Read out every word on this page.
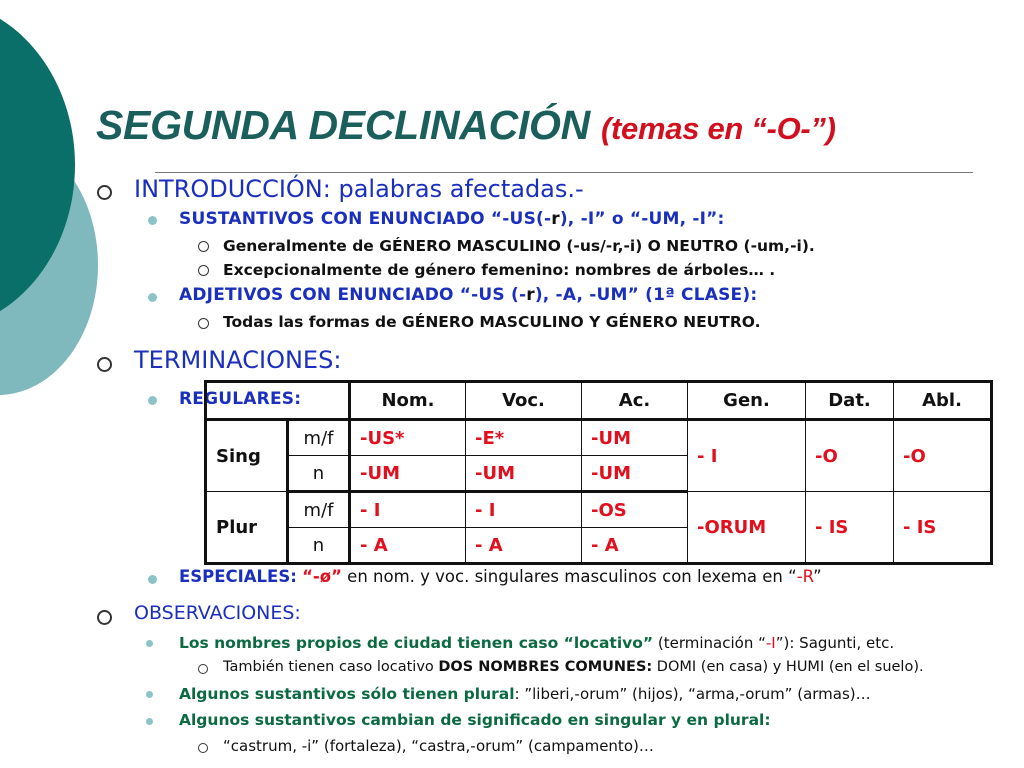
SEGUNDA DECLINACIÓN (temas en “-O-”)
INTRODUCCIÓN: palabras afectadas.-
SUSTANTIVOS CON ENUNCIADO “-US(-r), -I” o “-UM, -I”:
Generalmente de GÉNERO MASCULINO (-us/-r,-i) O NEUTRO (-um,-i).
Excepcionalmente de género femenino: nombres de árboles… .
ADJETIVOS CON ENUNCIADO “-US (-r), -A, -UM” (1ª CLASE):
Todas las formas de GÉNERO MASCULINO Y GÉNERO NEUTRO.
TERMINACIONES:
REGULARES:
		Nom.	Voc.	Ac.	Gen.	Dat.	Abl.
Sing	m/f	-US*	-E*	-UM	- I	-O	-O
	n	-UM	-UM	-UM			
Plur	m/f	- I	- I	-OS	-ORUM	- IS	- IS
	n	- A	- A	- A			
ESPECIALES: “-ø” en nom. y voc. singulares masculinos con lexema en “-R”
OBSERVACIONES:
Los nombres propios de ciudad tienen caso “locativo” (terminación “-I”): Sagunti, etc.
También tienen caso locativo DOS NOMBRES COMUNES: DOMI (en casa) y HUMI (en el suelo).
Algunos sustantivos sólo tienen plural: ”liberi,-orum” (hijos), “arma,-orum” (armas)…
Algunos sustantivos cambian de significado en singular y en plural:
“castrum, -i” (fortaleza), “castra,-orum” (campamento)…
